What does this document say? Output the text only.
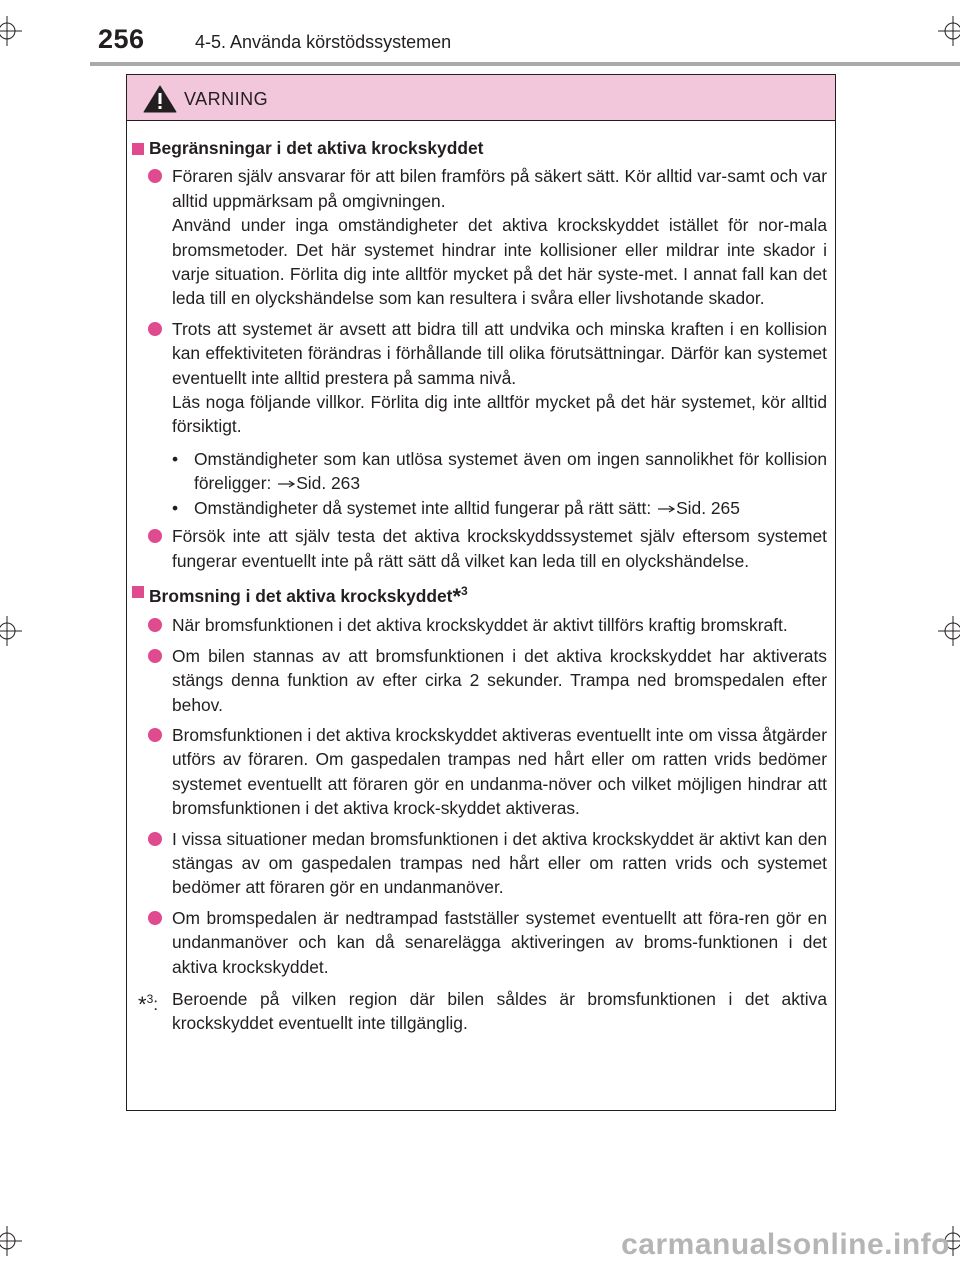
256	4-5. Använda körstödssystemen
VARNING
Begränsningar i det aktiva krockskyddet

Föraren själv ansvarar för att bilen framförs på säkert sätt. Kör alltid var-samt och var alltid uppmärksam på omgivningen.

Använd under inga omständigheter det aktiva krockskyddet istället för nor-mala bromsmetoder. Det här systemet hindrar inte kollisioner eller mildrar inte skador i varje situation. Förlita dig inte alltför mycket på det här syste-met. I annat fall kan det leda till en olyckshändelse som kan resultera i svåra eller livshotande skador.

Trots att systemet är avsett att bidra till att undvika och minska kraften i en kollision kan effektiviteten förändras i förhållande till olika förutsättningar. Därför kan systemet eventuellt inte alltid prestera på samma nivå.

Läs noga följande villkor. Förlita dig inte alltför mycket på det här systemet, kör alltid försiktigt.

• Omständigheter som kan utlösa systemet även om ingen sannolikhet för kollision föreligger: Sid. 263
• Omständigheter då systemet inte alltid fungerar på rätt sätt: Sid. 265

Försök inte att själv testa det aktiva krockskyddssystemet själv eftersom systemet fungerar eventuellt inte på rätt sätt då vilket kan leda till en olyckshändelse.

Bromsning i det aktiva krockskyddet*$^3$

När bromsfunktionen i det aktiva krockskyddet är aktivt tillförs kraftig bromskraft.

Om bilen stannas av att bromsfunktionen i det aktiva krockskyddet har aktiverats stängs denna funktion av efter cirka 2 sekunder. Trampa ned bromspedalen efter behov.

Bromsfunktionen i det aktiva krockskyddet aktiveras eventuellt inte om vissa åtgärder utförs av föraren. Om gaspedalen trampas ned hårt eller om ratten vrids bedömer systemet eventuellt att föraren gör en undanma-növer och vilket möjligen hindrar att bromsfunktionen i det aktiva krock-skyddet aktiveras.

I vissa situationer medan bromsfunktionen i det aktiva krockskyddet är aktivt kan den stängas av om gaspedalen trampas ned hårt eller om ratten vrids och systemet bedömer att föraren gör en undanmanöver.

Om bromspedalen är nedtrampad fastställer systemet eventuellt att föra-ren gör en undanmanöver och kan då senarelägga aktiveringen av broms-funktionen i det aktiva krockskyddet.

*$^3$: Beroende på vilken region där bilen såldes är bromsfunktionen i det aktiva krockskyddet eventuellt inte tillgänglig.
carmanualsonline.info
